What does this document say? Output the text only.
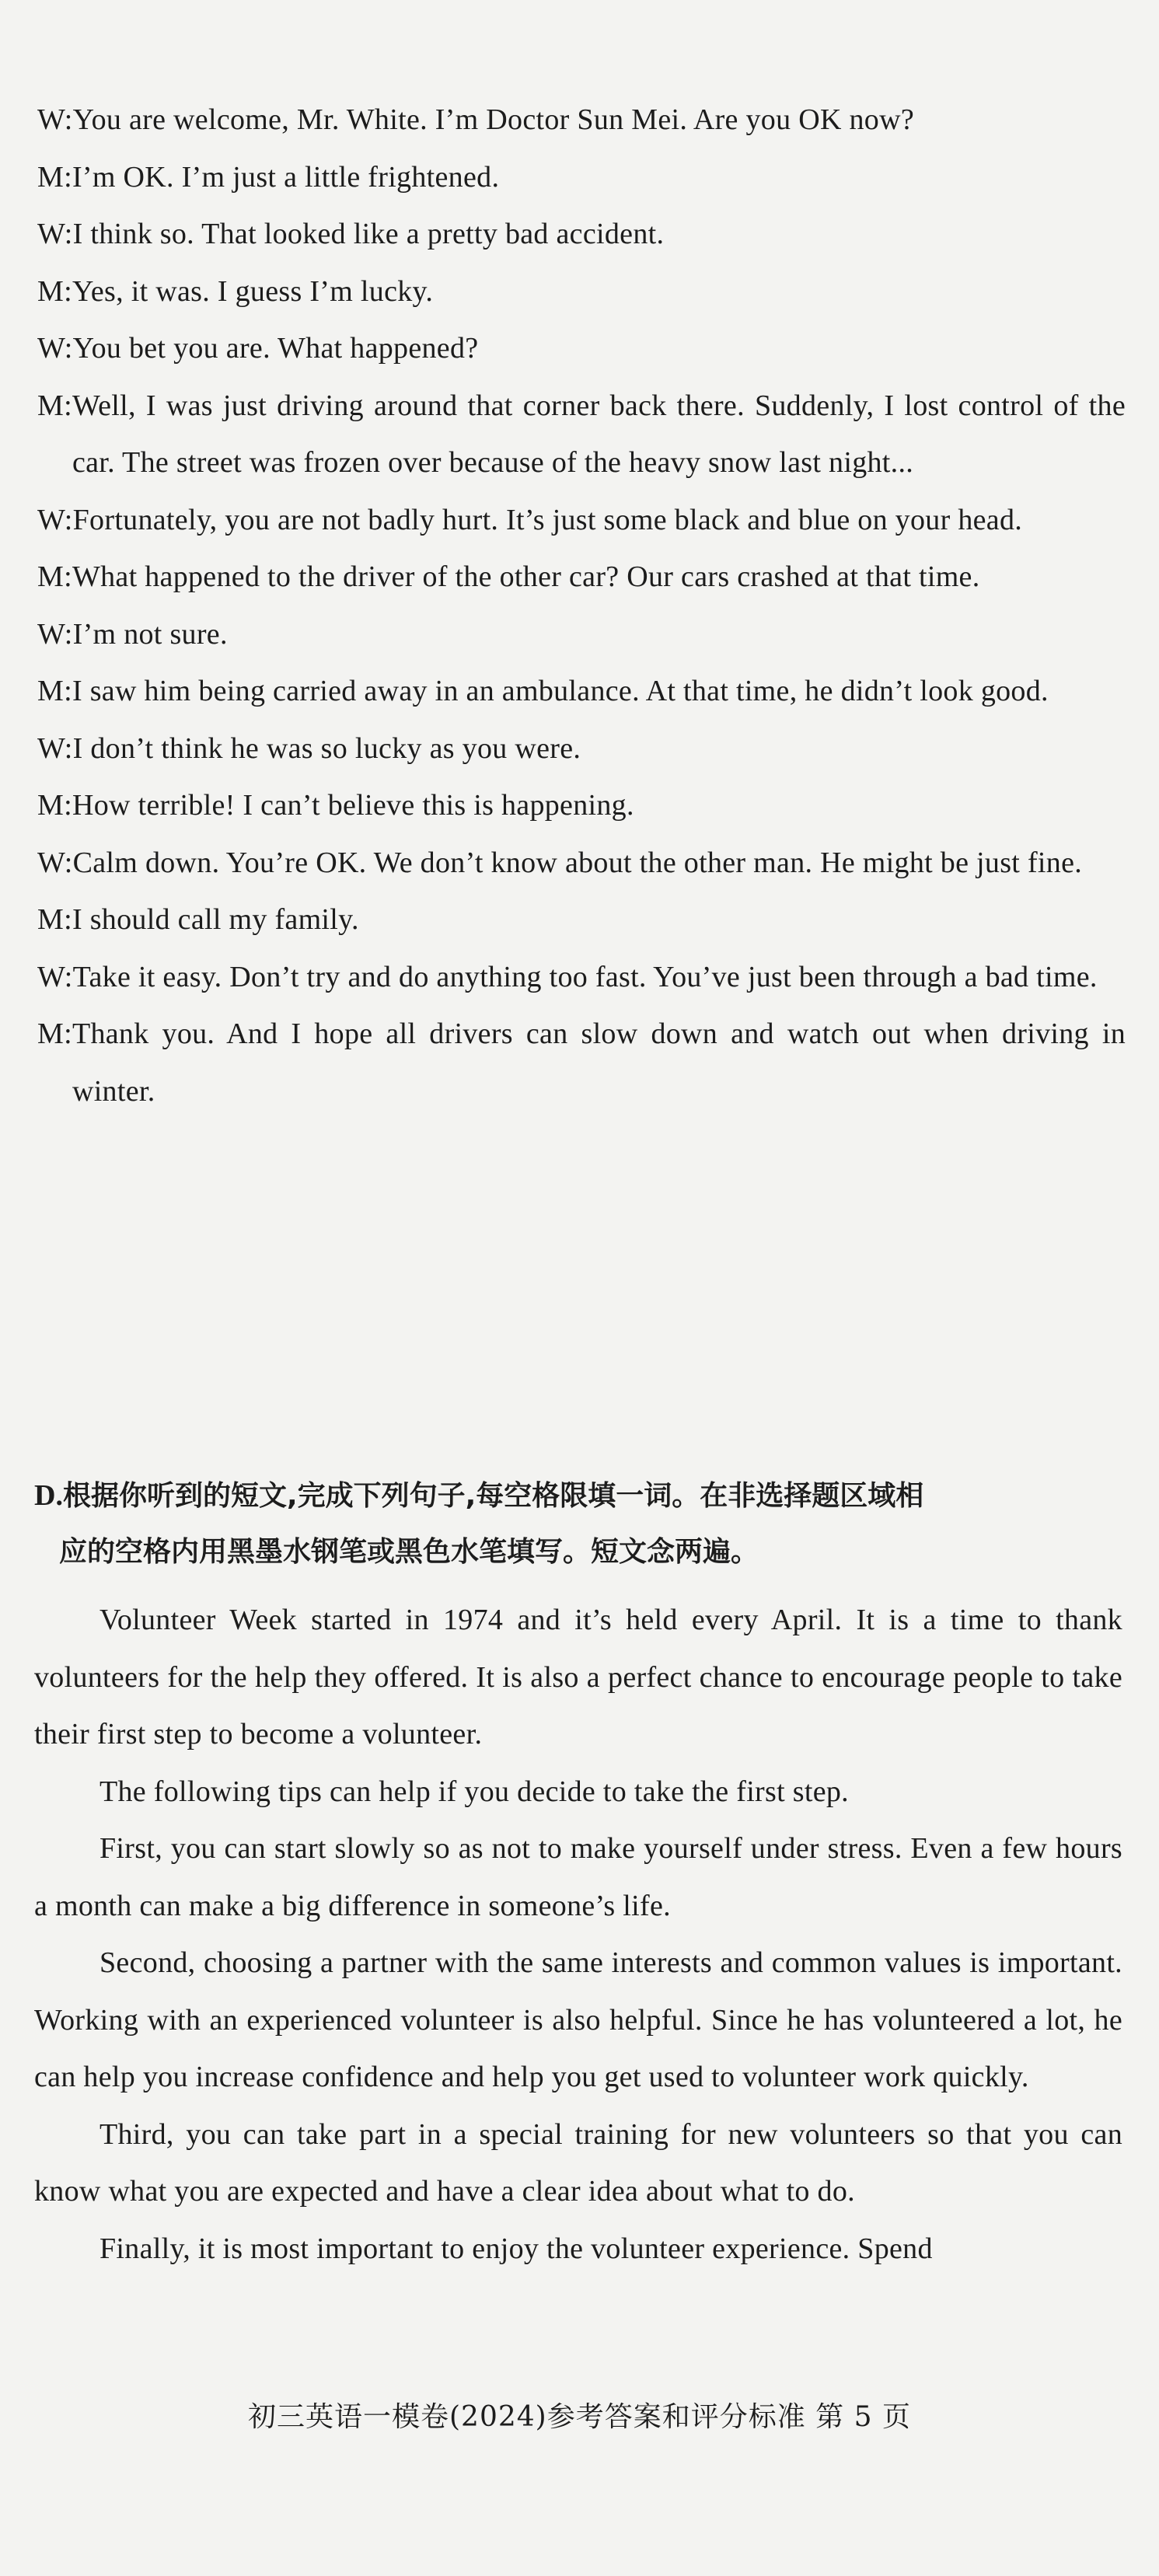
W: You are welcome, Mr. White. I’m Doctor Sun Mei. Are you OK now?
M: I’m OK. I’m just a little frightened.
W: I think so. That looked like a pretty bad accident.
M: Yes, it was. I guess I’m lucky.
W: You bet you are. What happened?
M: Well, I was just driving around that corner back there. Suddenly, I lost control of the car. The street was frozen over because of the heavy snow last night...
W: Fortunately, you are not badly hurt. It’s just some black and blue on your head.
M: What happened to the driver of the other car? Our cars crashed at that time.
W: I’m not sure.
M: I saw him being carried away in an ambulance. At that time, he didn’t look good.
W: I don’t think he was so lucky as you were.
M: How terrible! I can’t believe this is happening.
W: Calm down. You’re OK. We don’t know about the other man. He might be just fine.
M: I should call my family.
W: Take it easy. Don’t try and do anything too fast. You’ve just been through a bad time.
M: Thank you. And I hope all drivers can slow down and watch out when driving in winter.
D.根据你听到的短文,完成下列句子,每空格限填一词。在非选择题区域相
应的空格内用黑墨水钢笔或黑色水笔填写。短文念两遍。

Volunteer Week started in 1974 and it’s held every April. It is a time to thank volunteers for the help they offered. It is also a perfect chance to encourage people to take their first step to become a volunteer.

The following tips can help if you decide to take the first step.

First, you can start slowly so as not to make yourself under stress. Even a few hours a month can make a big difference in someone’s life.

Second, choosing a partner with the same interests and common values is important. Working with an experienced volunteer is also helpful. Since he has volunteered a lot, he can help you increase confidence and help you get used to volunteer work quickly.

Third, you can take part in a special training for new volunteers so that you can know what you are expected and have a clear idea about what to do.

Finally, it is most important to enjoy the volunteer experience. Spend

初三英语一模卷(2024)参考答案和评分标准 第 5 页
